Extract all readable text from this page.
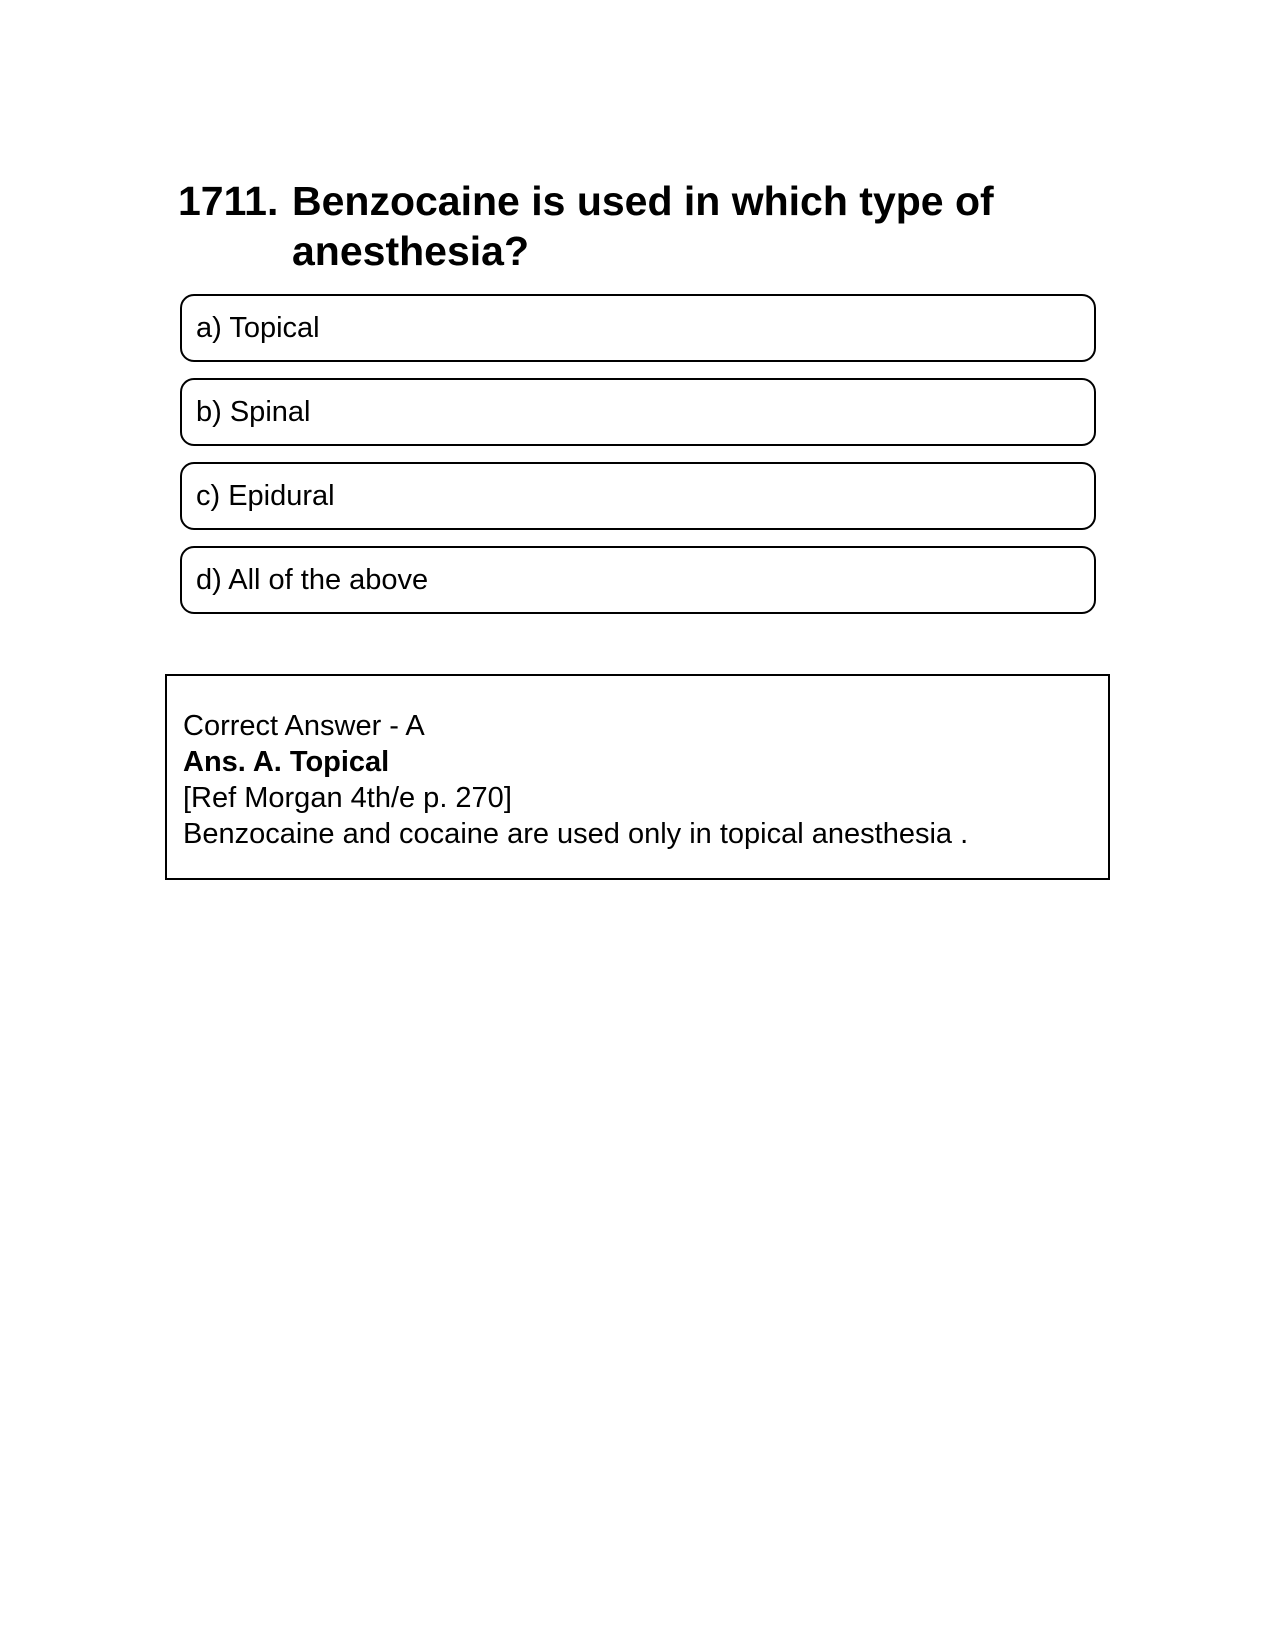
1711. Benzocaine is used in which type of anesthesia?
a) Topical
b) Spinal
c) Epidural
d) All of the above
Correct Answer - A
Ans. A. Topical
[Ref Morgan 4th/e p. 270]
Benzocaine and cocaine are used only in topical anesthesia .
